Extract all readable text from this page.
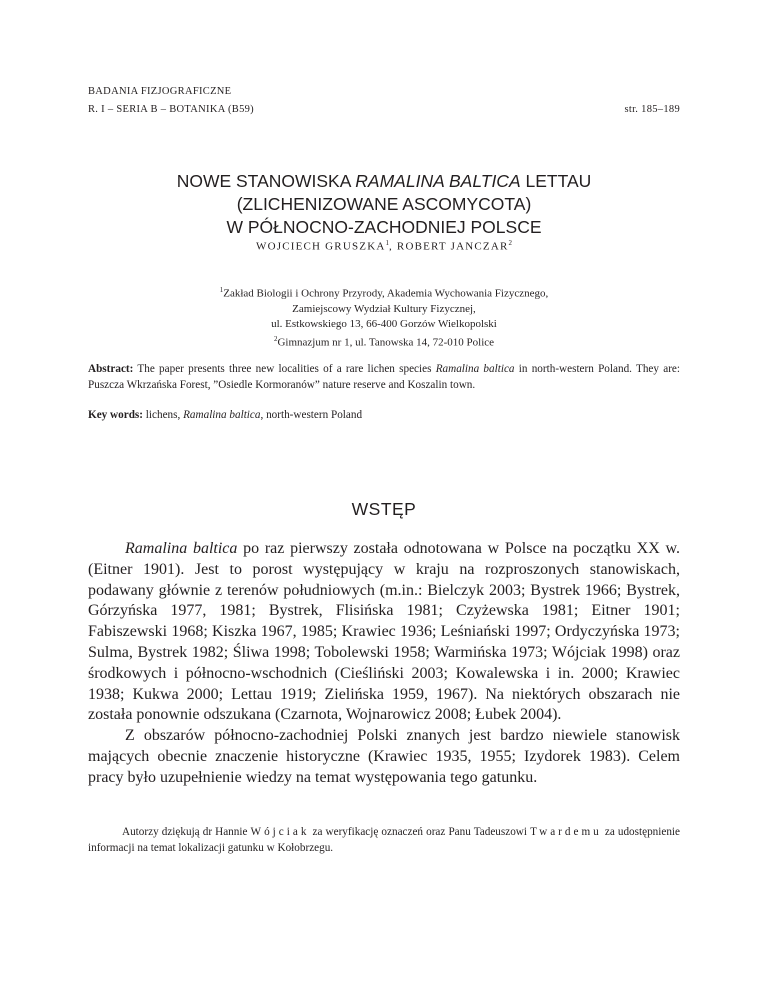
BADANIA FIZJOGRAFICZNE
R. I – SERIA B – BOTANIKA (B59)	str. 185–189
NOWE STANOWISKA RAMALINA BALTICA LETTAU
(ZLICHENIZOWANE ASCOMYCOTA)
W PÓŁNOCNO-ZACHODNIEJ POLSCE
WOJCIECH GRUSZKA$^1$, ROBERT JANCZAR$^2$
$^1$Zakład Biologii i Ochrony Przyrody, Akademia Wychowania Fizycznego,
Zamiejscowy Wydział Kultury Fizycznej,
ul. Estkowskiego 13, 66-400 Gorzów Wielkopolski
$^2$Gimnazjum nr 1, ul. Tanowska 14, 72-010 Police
Abstract: The paper presents three new localities of a rare lichen species Ramalina baltica in north-western Poland. They are: Puszcza Wkrzańska Forest, ”Osiedle Kormoranów” nature reserve and Koszalin town.
Key words: lichens, Ramalina baltica, north-western Poland
WSTĘP

Ramalina baltica po raz pierwszy została odnotowana w Polsce na początku XX w. (Eitner 1901). Jest to porost występujący w kraju na rozproszonych stanowiskach, podawany głównie z terenów południowych (m.in.: Bielczyk 2003; Bystrek 1966; Bystrek, Górzyńska 1977, 1981; Bystrek, Flisińska 1981; Czyżewska 1981; Eitner 1901; Fabiszewski 1968; Kiszka 1967, 1985; Krawiec 1936; Leśniański 1997; Ordyczyńska 1973; Sulma, Bystrek 1982; Śliwa 1998; Tobolewski 1958; Warmińska 1973; Wójciak 1998) oraz środkowych i północno-wschodnich (Cieśliński 2003; Kowalewska i in. 2000; Krawiec 1938; Kukwa 2000; Lettau 1919; Zielińska 1959, 1967). Na niektórych obszarach nie została ponownie odszukana (Czarnota, Wojnarowicz 2008; Łubek 2004).

Z obszarów północno-zachodniej Polski znanych jest bardzo niewiele stanowisk mających obecnie znaczenie historyczne (Krawiec 1935, 1955; Izydorek 1983). Celem pracy było uzupełnienie wiedzy na temat występowania tego gatunku.

Autorzy dziękują dr Hannie Wójciak za weryfikację oznaczeń oraz Panu Tadeuszowi Twardemu za udostępnienie informacji na temat lokalizacji gatunku w Kołobrzegu.
